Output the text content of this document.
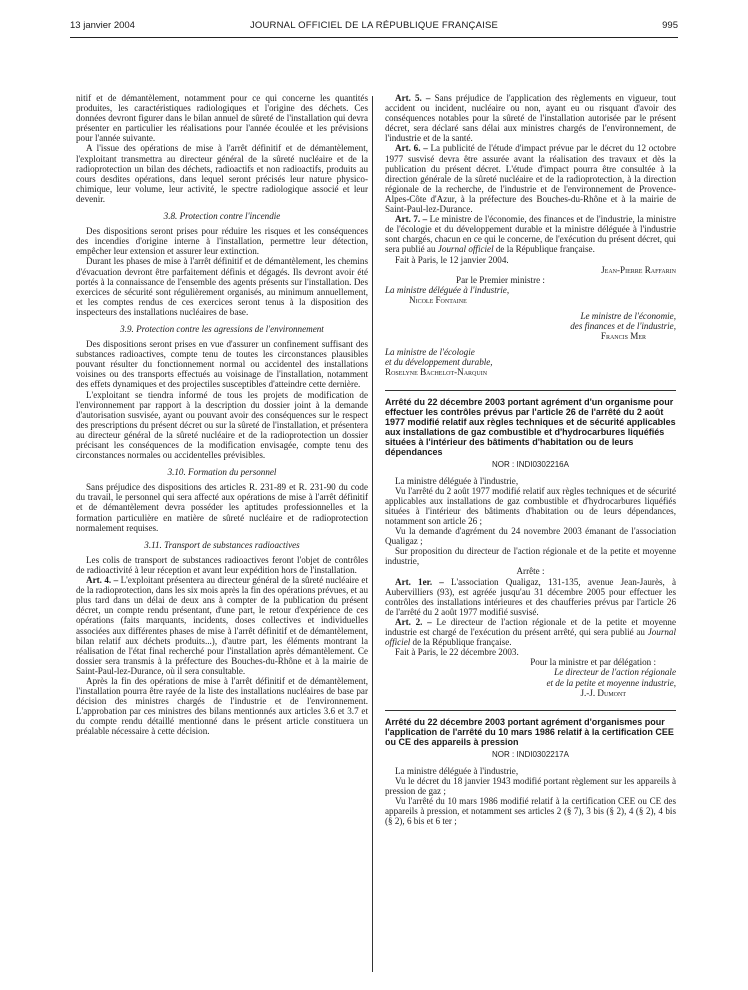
13 janvier 2004	JOURNAL OFFICIEL DE LA RÉPUBLIQUE FRANÇAISE	995

nitif et de démantèlement, notamment pour ce qui concerne les quantités produites, les caractéristiques radiologiques et l'origine des déchets. Ces données devront figurer dans le bilan annuel de sûreté de l'installation qui devra présenter en particulier les réalisations pour l'année écoulée et les prévisions pour l'année suivante.

A l'issue des opérations de mise à l'arrêt définitif et de démantèlement, l'exploitant transmettra au directeur général de la sûreté nucléaire et de la radioprotection un bilan des déchets, radioactifs et non radioactifs, produits au cours desdites opérations, dans lequel seront précisés leur nature physico-chimique, leur volume, leur activité, le spectre radiologique associé et leur devenir.

3.8. Protection contre l'incendie

Des dispositions seront prises pour réduire les risques et les conséquences des incendies d'origine interne à l'installation, permettre leur détection, empêcher leur extension et assurer leur extinction.

Durant les phases de mise à l'arrêt définitif et de démantèlement, les chemins d'évacuation devront être parfaitement définis et dégagés. Ils devront avoir été portés à la connaissance de l'ensemble des agents présents sur l'installation. Des exercices de sécurité sont régulièrement organisés, au minimum annuellement, et les comptes rendus de ces exercices seront tenus à la disposition des inspecteurs des installations nucléaires de base.

3.9. Protection contre les agressions de l'environnement

Des dispositions seront prises en vue d'assurer un confinement suffisant des substances radioactives, compte tenu de toutes les circonstances plausibles pouvant résulter du fonctionnement normal ou accidentel des installations voisines ou des transports effectués au voisinage de l'installation, notamment des effets dynamiques et des projectiles susceptibles d'atteindre cette dernière.

L'exploitant se tiendra informé de tous les projets de modification de l'environnement par rapport à la description du dossier joint à la demande d'autorisation susvisée, ayant ou pouvant avoir des conséquences sur le respect des prescriptions du présent décret ou sur la sûreté de l'installation, et présentera au directeur général de la sûreté nucléaire et de la radioprotection un dossier précisant les conséquences de la modification envisagée, compte tenu des circonstances normales ou accidentelles prévisibles.

3.10. Formation du personnel

Sans préjudice des dispositions des articles R. 231-89 et R. 231-90 du code du travail, le personnel qui sera affecté aux opérations de mise à l'arrêt définitif et de démantèlement devra posséder les aptitudes professionnelles et la formation particulière en matière de sûreté nucléaire et de radioprotection normalement requises.

3.11. Transport de substances radioactives

Les colis de transport de substances radioactives feront l'objet de contrôles de radioactivité à leur réception et avant leur expédition hors de l'installation.

Art. 4. – L'exploitant présentera au directeur général de la sûreté nucléaire et de la radioprotection, dans les six mois après la fin des opérations prévues, et au plus tard dans un délai de deux ans à compter de la publication du présent décret, un compte rendu présentant, d'une part, le retour d'expérience de ces opérations (faits marquants, incidents, doses collectives et individuelles associées aux différentes phases de mise à l'arrêt définitif et de démantèlement, bilan relatif aux déchets produits...), d'autre part, les éléments montrant la réalisation de l'état final recherché pour l'installation après démantèlement. Ce dossier sera transmis à la préfecture des Bouches-du-Rhône et à la mairie de Saint-Paul-lez-Durance, où il sera consultable.

Après la fin des opérations de mise à l'arrêt définitif et de démantèlement, l'installation pourra être rayée de la liste des installations nucléaires de base par décision des ministres chargés de l'industrie et de l'environnement. L'approbation par ces ministres des bilans mentionnés aux articles 3.6 et 3.7 et du compte rendu détaillé mentionné dans le présent article constituera un préalable nécessaire à cette décision.

Art. 5. – Sans préjudice de l'application des règlements en vigueur, tout accident ou incident, nucléaire ou non, ayant eu ou risquant d'avoir des conséquences notables pour la sûreté de l'installation autorisée par le présent décret, sera déclaré sans délai aux ministres chargés de l'environnement, de l'industrie et de la santé.

Art. 6. – La publicité de l'étude d'impact prévue par le décret du 12 octobre 1977 susvisé devra être assurée avant la réalisation des travaux et dès la publication du présent décret. L'étude d'impact pourra être consultée à la direction générale de la sûreté nucléaire et de la radioprotection, à la direction régionale de la recherche, de l'industrie et de l'environnement de Provence-Alpes-Côte d'Azur, à la préfecture des Bouches-du-Rhône et à la mairie de Saint-Paul-lez-Durance.

Art. 7. – Le ministre de l'économie, des finances et de l'industrie, la ministre de l'écologie et du développement durable et la ministre déléguée à l'industrie sont chargés, chacun en ce qui le concerne, de l'exécution du présent décret, qui sera publié au Journal officiel de la République française.

Fait à Paris, le 12 janvier 2004.

Jean-Pierre Raffarin

Par le Premier ministre :

La ministre déléguée à l'industrie,

Nicole Fontaine

Le ministre de l'économie,

des finances et de l'industrie,

Francis Mer

La ministre de l'écologie

et du développement durable,

Roselyne Bachelot-Narquin

Arrêté du 22 décembre 2003 portant agrément d'un organisme pour effectuer les contrôles prévus par l'article 26 de l'arrêté du 2 août 1977 modifié relatif aux règles techniques et de sécurité applicables aux installations de gaz combustible et d'hydrocarbures liquéfiés situées à l'intérieur des bâtiments d'habitation ou de leurs dépendances

NOR : INDI0302216A

La ministre déléguée à l'industrie,

Vu l'arrêté du 2 août 1977 modifié relatif aux règles techniques et de sécurité applicables aux installations de gaz combustible et d'hydrocarbures liquéfiés situées à l'intérieur des bâtiments d'habitation ou de leurs dépendances, notamment son article 26 ;

Vu la demande d'agrément du 24 novembre 2003 émanant de l'association Qualigaz ;

Sur proposition du directeur de l'action régionale et de la petite et moyenne industrie,

Arrête :

Art. 1er. – L'association Qualigaz, 131-135, avenue Jean-Jaurès, à Aubervilliers (93), est agréée jusqu'au 31 décembre 2005 pour effectuer les contrôles des installations intérieures et des chaufferies prévus par l'article 26 de l'arrêté du 2 août 1977 modifié susvisé.

Art. 2. – Le directeur de l'action régionale et de la petite et moyenne industrie est chargé de l'exécution du présent arrêté, qui sera publié au Journal officiel de la République française.

Fait à Paris, le 22 décembre 2003.

Pour la ministre et par délégation :

Le directeur de l'action régionale

et de la petite et moyenne industrie,

J.-J. Dumont

Arrêté du 22 décembre 2003 portant agrément d'organismes pour l'application de l'arrêté du 10 mars 1986 relatif à la certification CEE ou CE des appareils à pression

NOR : INDI0302217A

La ministre déléguée à l'industrie,

Vu le décret du 18 janvier 1943 modifié portant règlement sur les appareils à pression de gaz ;

Vu l'arrêté du 10 mars 1986 modifié relatif à la certification CEE ou CE des appareils à pression, et notamment ses articles 2 (§ 7), 3 bis (§ 2), 4 (§ 2), 4 bis (§ 2), 6 bis et 6 ter ;
